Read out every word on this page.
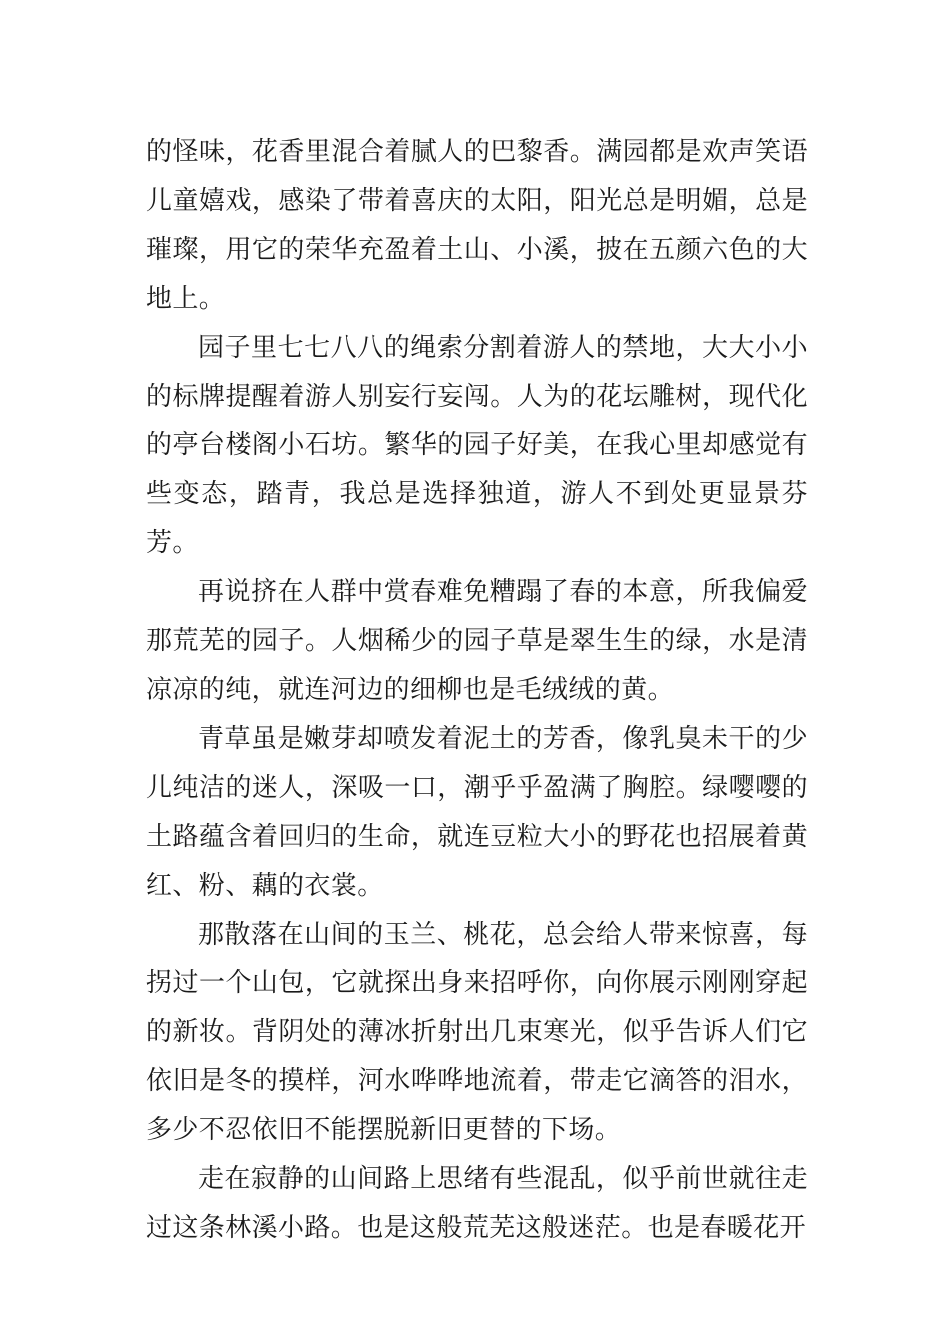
的怪味，花香里混合着腻人的巴黎香。满园都是欢声笑语儿童嬉戏，感染了带着喜庆的太阳，阳光总是明媚，总是璀璨，用它的荣华充盈着土山、小溪，披在五颜六色的大地上。

园子里七七八八的绳索分割着游人的禁地，大大小小的标牌提醒着游人别妄行妄闯。人为的花坛雕树，现代化的亭台楼阁小石坊。繁华的园子好美，在我心里却感觉有些变态，踏青，我总是选择独道，游人不到处更显景芬芳。

再说挤在人群中赏春难免糟蹋了春的本意，所我偏爱那荒芜的园子。人烟稀少的园子草是翠生生的绿，水是清凉凉的纯，就连河边的细柳也是毛绒绒的黄。

青草虽是嫩芽却喷发着泥土的芳香，像乳臭未干的少儿纯洁的迷人，深吸一口，潮乎乎盈满了胸腔。绿嘤嘤的土路蕴含着回归的生命，就连豆粒大小的野花也招展着黄红、粉、藕的衣裳。

那散落在山间的玉兰、桃花，总会给人带来惊喜，每拐过一个山包，它就探出身来招呼你，向你展示刚刚穿起的新妆。背阴处的薄冰折射出几束寒光，似乎告诉人们它依旧是冬的摸样，河水哗哗地流着，带走它滴答的泪水，多少不忍依旧不能摆脱新旧更替的下场。

走在寂静的山间路上思绪有些混乱，似乎前世就往走过这条林溪小路。也是这般荒芜这般迷茫。也是春暖花开
